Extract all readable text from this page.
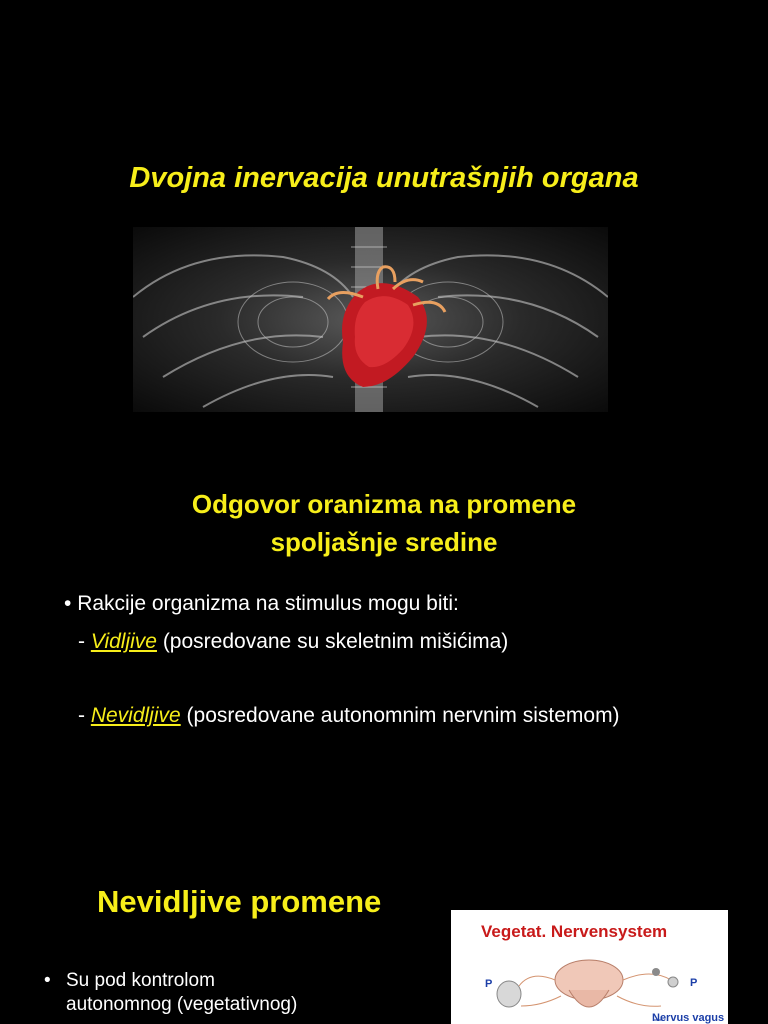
Dvojna inervacija unutrašnjih organa
Odgovor oranizma na promene
spoljašnje sredine
• Rakcije organizma na stimulus mogu biti:
- Vidljive (posredovane su skeletnim mišićima)
- Nevidljive (posredovane autonomnim nervnim sistemom)
Nevidljive promene
• Su pod kontrolom
autonomnog (vegetativnog)
Vegetat. Nervensystem
P	P
Nervus vagus
